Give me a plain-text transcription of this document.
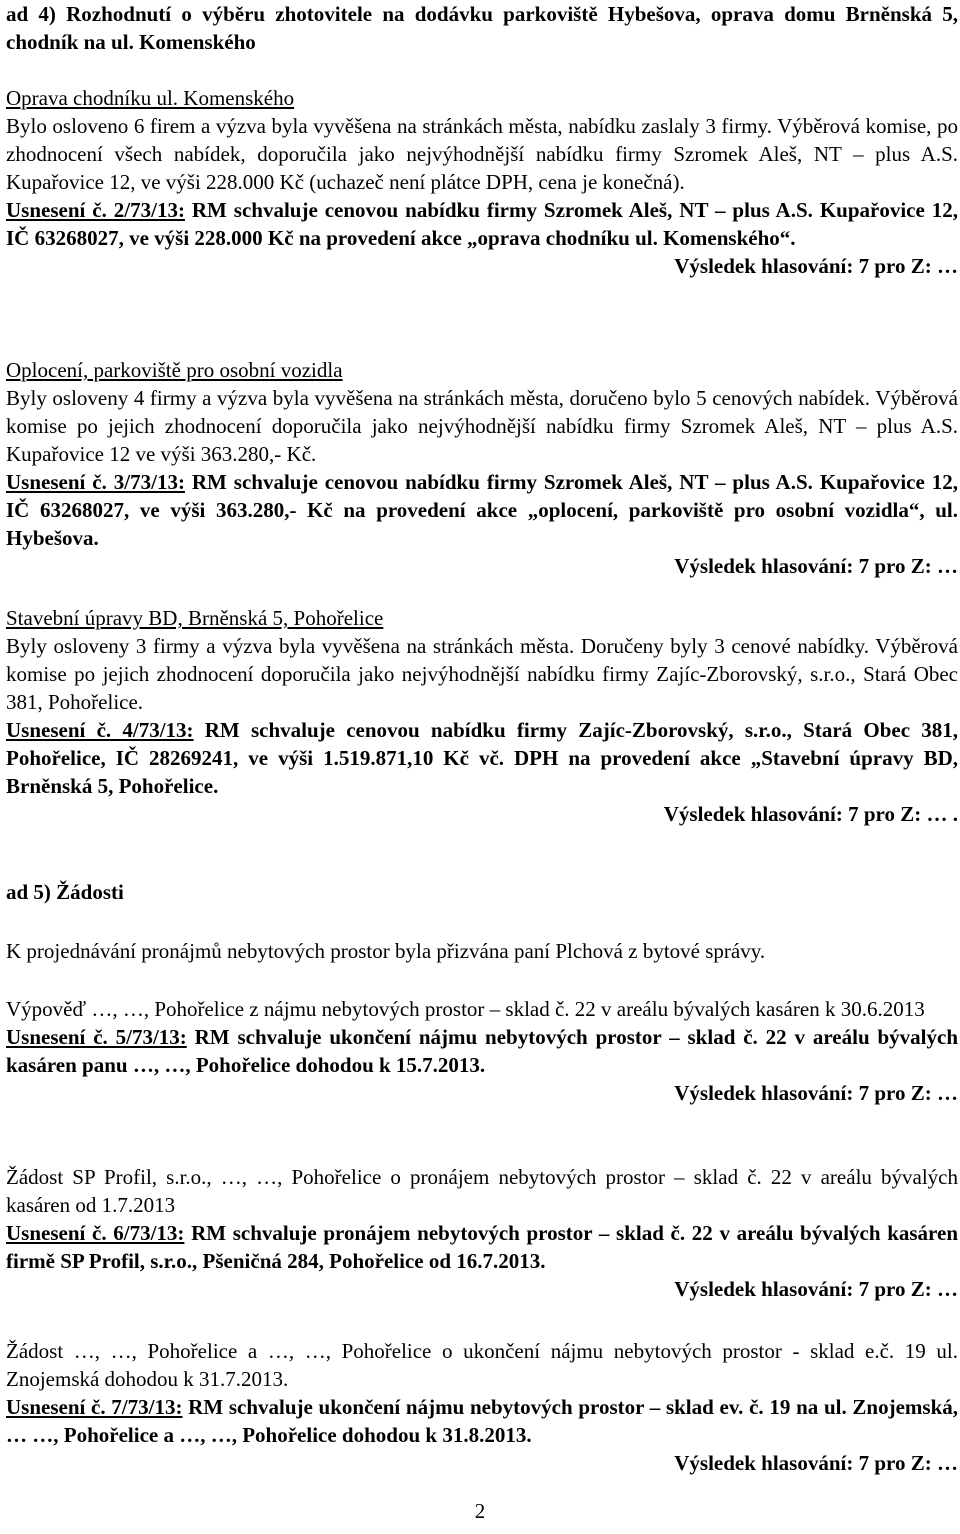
ad 4) Rozhodnutí o výběru zhotovitele na dodávku parkoviště Hybešova, oprava domu Brněnská 5, chodník na ul. Komenského

Oprava chodníku ul. Komenského

Bylo osloveno 6 firem a výzva byla vyvěšena na stránkách města, nabídku zaslaly 3 firmy. Výběrová komise, po zhodnocení všech nabídek, doporučila jako nejvýhodnější nabídku firmy Szromek Aleš, NT – plus A.S. Kupařovice 12, ve výši 228.000 Kč (uchazeč není plátce DPH, cena je konečná).

Usnesení č. 2/73/13: RM schvaluje cenovou nabídku firmy Szromek Aleš, NT – plus A.S. Kupařovice 12, IČ 63268027, ve výši 228.000 Kč na provedení akce „oprava chodníku ul. Komenského“.

Výsledek hlasování: 7 pro Z: …

Oplocení, parkoviště pro osobní vozidla

Byly osloveny 4 firmy a výzva byla vyvěšena na stránkách města, doručeno bylo 5 cenových nabídek. Výběrová komise po jejich zhodnocení doporučila jako nejvýhodnější nabídku firmy Szromek Aleš, NT – plus A.S. Kupařovice 12 ve výši 363.280,- Kč.

Usnesení č. 3/73/13: RM schvaluje cenovou nabídku firmy Szromek Aleš, NT – plus A.S. Kupařovice 12, IČ 63268027, ve výši 363.280,- Kč na provedení akce „oplocení, parkoviště pro osobní vozidla“, ul. Hybešova.

Výsledek hlasování: 7 pro Z: …

Stavební úpravy BD, Brněnská 5, Pohořelice

Byly osloveny 3 firmy a výzva byla vyvěšena na stránkách města. Doručeny byly 3 cenové nabídky. Výběrová komise po jejich zhodnocení doporučila jako nejvýhodnější nabídku firmy Zajíc-Zborovský, s.r.o., Stará Obec 381, Pohořelice.

Usnesení č. 4/73/13: RM schvaluje cenovou nabídku firmy Zajíc-Zborovský, s.r.o., Stará Obec 381, Pohořelice, IČ 28269241, ve výši 1.519.871,10 Kč vč. DPH na provedení akce „Stavební úpravy BD, Brněnská 5, Pohořelice.

Výsledek hlasování: 7 pro Z: … .

ad 5) Žádosti

K projednávání pronájmů nebytových prostor byla přizvána paní Plchová z bytové správy.

Výpověď …, …, Pohořelice z nájmu nebytových prostor – sklad č. 22 v areálu bývalých kasáren k 30.6.2013

Usnesení č. 5/73/13: RM schvaluje ukončení nájmu nebytových prostor – sklad č. 22 v areálu bývalých kasáren panu …, …, Pohořelice dohodou k 15.7.2013.

Výsledek hlasování: 7 pro Z: …

Žádost SP Profil, s.r.o., …, …, Pohořelice o pronájem nebytových prostor – sklad č. 22 v areálu bývalých kasáren od 1.7.2013

Usnesení č. 6/73/13: RM schvaluje pronájem nebytových prostor – sklad č. 22 v areálu bývalých kasáren firmě SP Profil, s.r.o., Pšeničná 284, Pohořelice od 16.7.2013.

Výsledek hlasování: 7 pro Z: …

Žádost …, …, Pohořelice a …, …, Pohořelice o ukončení nájmu nebytových prostor - sklad e.č. 19 ul. Znojemská dohodou k 31.7.2013.

Usnesení č. 7/73/13: RM schvaluje ukončení nájmu nebytových prostor – sklad ev. č. 19 na ul. Znojemská, … …, Pohořelice a …, …, Pohořelice dohodou k 31.8.2013.

Výsledek hlasování: 7 pro Z: …

2
